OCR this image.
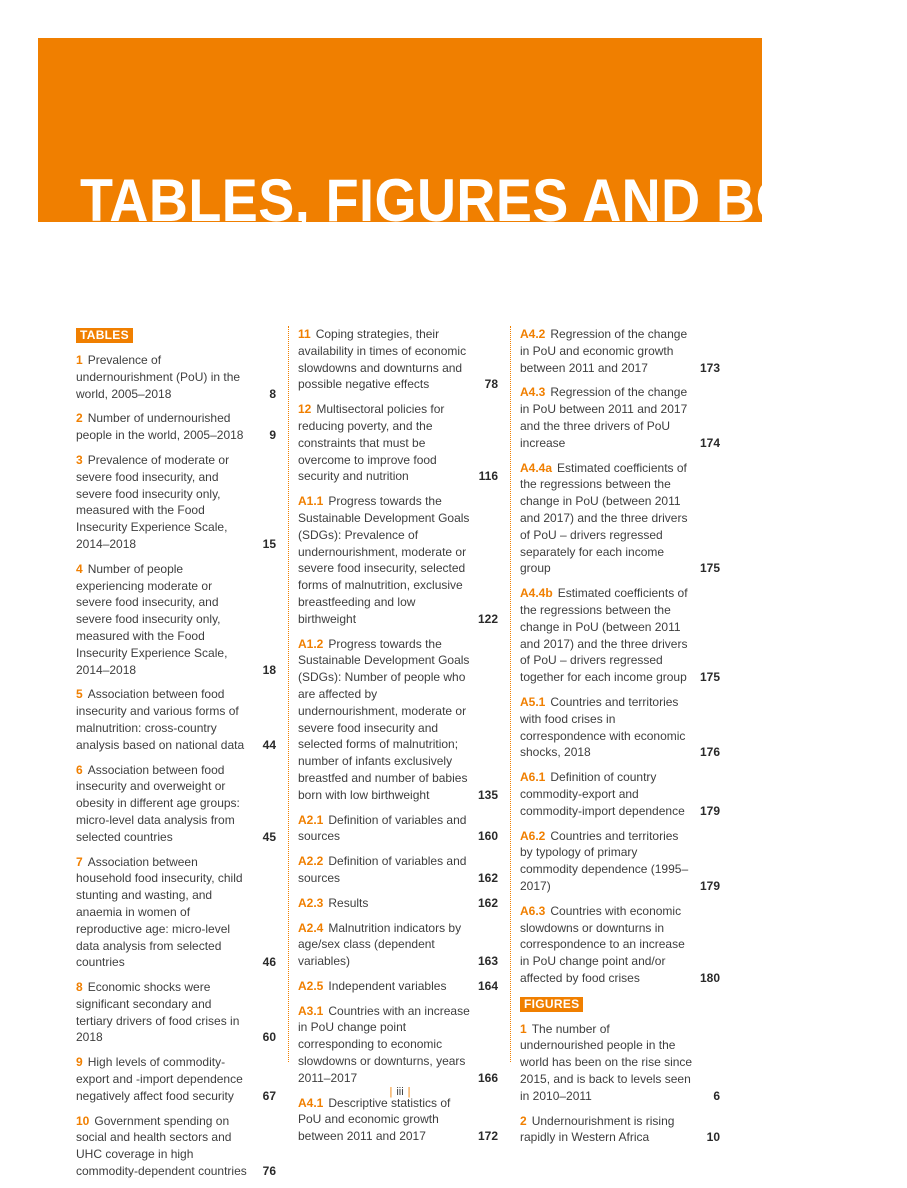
TABLES, FIGURES AND BOXES
TABLES
1 Prevalence of undernourishment (PoU) in the world, 2005–2018	8
2 Number of undernourished people in the world, 2005–2018 9
3 Prevalence of moderate or severe food insecurity, and severe food insecurity only, measured with the Food Insecurity Experience Scale, 2014–2018	15
4 Number of people experiencing moderate or severe food insecurity, and severe food insecurity only, measured with the Food Insecurity Experience Scale, 2014–2018	18
5 Association between food insecurity and various forms of malnutrition: cross-country analysis based on national data 44
6 Association between food insecurity and overweight or obesity in different age groups: micro-level data analysis from selected countries	45
7 Association between household food insecurity, child stunting and wasting, and anaemia in women of reproductive age: micro-level data analysis from selected countries	46
8 Economic shocks were significant secondary and tertiary drivers of food crises in 2018	60
9 High levels of commodity-export and -import dependence negatively affect food security 67
10 Government spending on social and health sectors and UHC coverage in high commodity-dependent countries 76
11 Coping strategies, their availability in times of economic slowdowns and downturns and possible negative effects	78
12 Multisectoral policies for reducing poverty, and the constraints that must be overcome to improve food security and nutrition	116
A1.1 Progress towards the Sustainable Development Goals (SDGs): Prevalence of undernourishment, moderate or severe food insecurity, selected forms of malnutrition, exclusive breastfeeding and low birthweight	122
A1.2 Progress towards the Sustainable Development Goals (SDGs): Number of people who are affected by undernourishment, moderate or severe food insecurity and selected forms of malnutrition; number of infants exclusively breastfed and number of babies born with low birthweight	135
A2.1 Definition of variables and sources	160
A2.2 Definition of variables and sources	162
A2.3 Results	162
A2.4 Malnutrition indicators by age/sex class (dependent variables)	163
A2.5 Independent variables	164
A3.1 Countries with an increase in PoU change point corresponding to economic slowdowns or downturns, years 2011–2017	166
A4.1 Descriptive statistics of PoU and economic growth between 2011 and 2017	172
A4.2 Regression of the change in PoU and economic growth between 2011 and 2017	173
A4.3 Regression of the change in PoU between 2011 and 2017 and the three drivers of PoU increase	174
A4.4a Estimated coefficients of the regressions between the change in PoU (between 2011 and 2017) and the three drivers of PoU – drivers regressed separately for each income group	175
A4.4b Estimated coefficients of the regressions between the change in PoU (between 2011 and 2017) and the three drivers of PoU – drivers regressed together for each income group 175
A5.1 Countries and territories with food crises in correspondence with economic shocks, 2018	176
A6.1 Definition of country commodity-export and commodity-import dependence 179
A6.2 Countries and territories by typology of primary commodity dependence (1995–2017)	179
A6.3 Countries with economic slowdowns or downturns in correspondence to an increase in PoU change point and/or affected by food crises	180
FIGURES
1 The number of undernourished people in the world has been on the rise since 2015, and is back to levels seen in 2010–2011	6
2 Undernourishment is rising rapidly in Western Africa	10
| iii |
